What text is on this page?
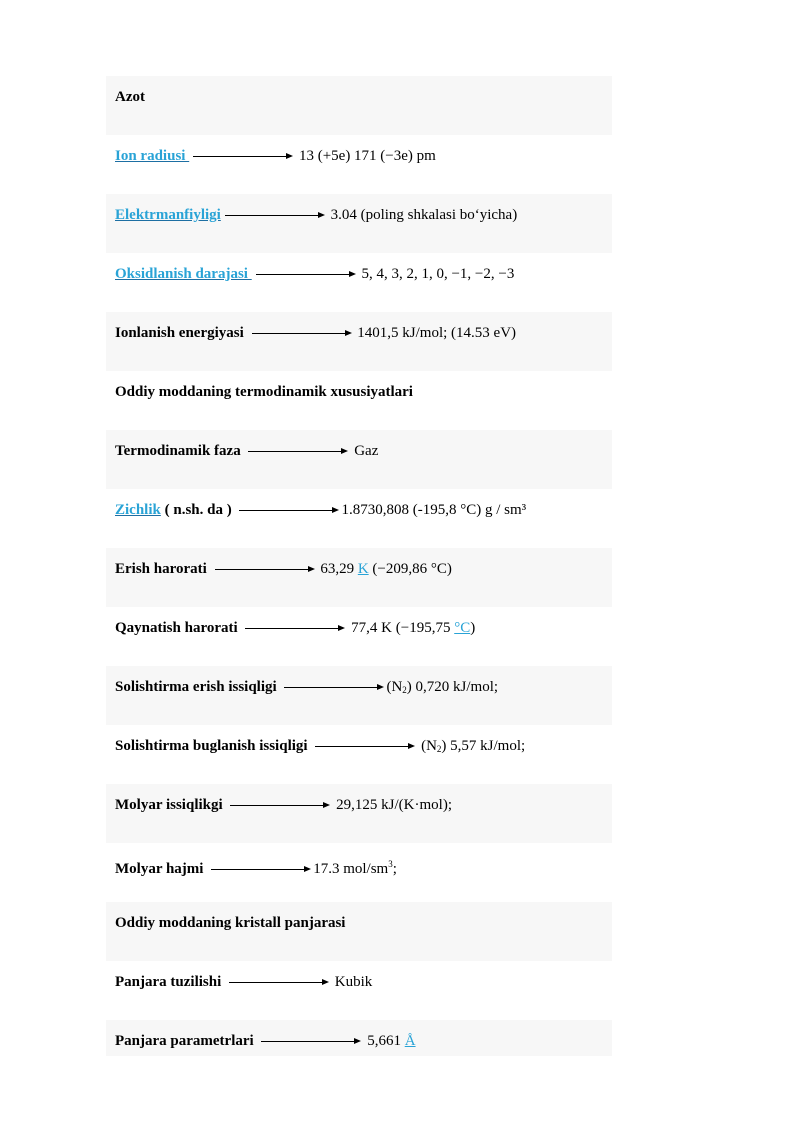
Azot
Ion radiusi	13 (+5e) 171 (−3e) pm
Elektrmanfiyligi	3.04 (poling shkalasi bo‘yicha)
Oksidlanish darajasi	5, 4, 3, 2, 1, 0, −1, −2, −3
Ionlanish energiyasi	1401,5 kJ/mol; (14.53 eV)
Oddiy moddaning termodinamik xususiyatlari
Termodinamik faza	Gaz
Zichlik ( n.sh. da )	1.8730,808 (-195,8 °C) g / sm³
Erish harorati	63,29 K (−209,86 °C)
Qaynatish harorati	77,4 K (−195,75 °C)
Solishtirma erish issiqligi	$(N_2)$ 0,720 kJ/mol;
Solishtirma buglanish issiqligi	$(N_2)$ 5,57 kJ/mol;
Molyar issiqlikgi	29,125 kJ/(K·mol);
Molyar hajmi	17.3 mol/$sm^3$;
Oddiy moddaning kristall panjarasi
Panjara tuzilishi	Kubik
Panjara parametrlari	5,661 Å
